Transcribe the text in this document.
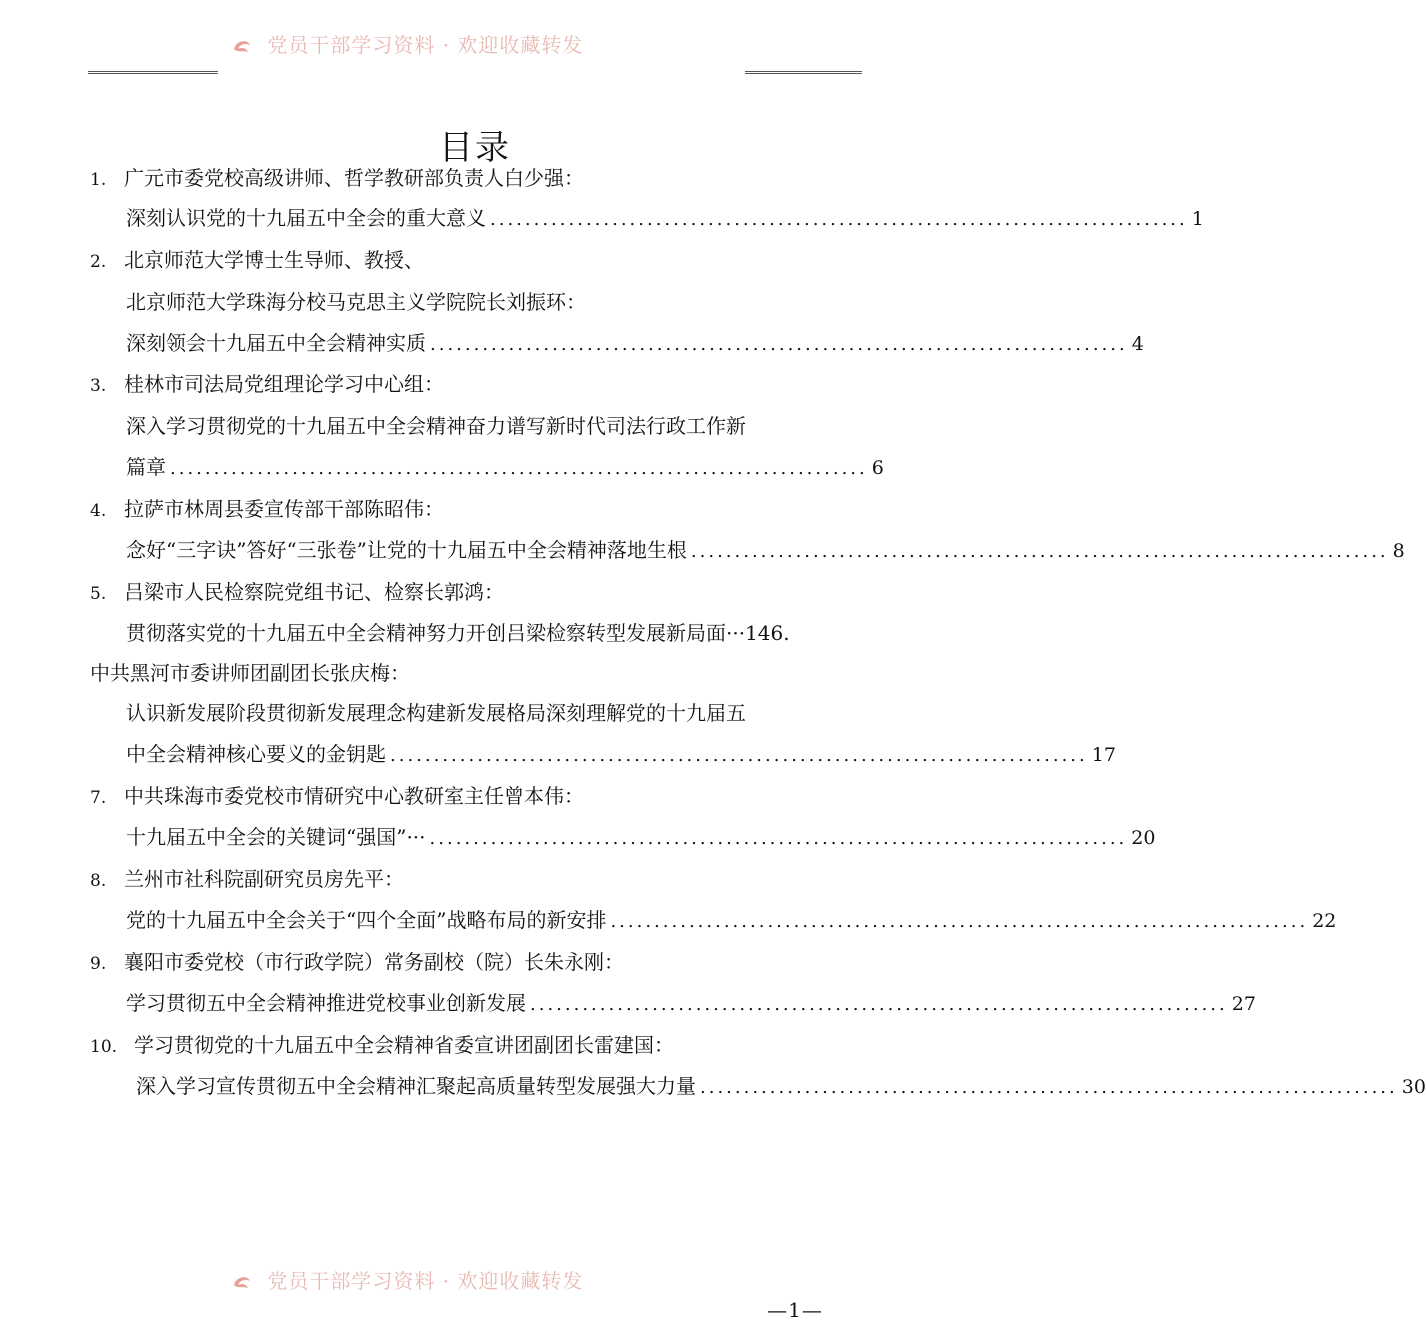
党员干部学习资料 · 欢迎收藏转发
目录
1. 广元市委党校高级讲师、哲学教研部负责人白少强：
深刻认识党的十九届五中全会的重大意义 ................................................................................ 1
2. 北京师范大学博士生导师、教授、
北京师范大学珠海分校马克思主义学院院长刘振环：
深刻领会十九届五中全会精神实质 ................................................................................ 4
3. 桂林市司法局党组理论学习中心组：
深入学习贯彻党的十九届五中全会精神奋力谱写新时代司法行政工作新
篇章 ................................................................................ 6
4. 拉萨市林周县委宣传部干部陈昭伟：
念好“三字诀”答好“三张卷”让党的十九届五中全会精神落地生根 ................................................................................ 8
5. 吕梁市人民检察院党组书记、检察长郭鸿：
贯彻落实党的十九届五中全会精神努力开创吕梁检察转型发展新局面···146.
中共黑河市委讲师团副团长张庆梅：
认识新发展阶段贯彻新发展理念构建新发展格局深刻理解党的十九届五
中全会精神核心要义的金钥匙 ................................................................................ 17
7. 中共珠海市委党校市情研究中心教研室主任曾本伟：
十九届五中全会的关键词“强国”··· ................................................................................ 20
8. 兰州市社科院副研究员房先平：
党的十九届五中全会关于“四个全面”战略布局的新安排 ................................................................................ 22
9. 襄阳市委党校（市行政学院）常务副校（院）长朱永刚：
学习贯彻五中全会精神推进党校事业创新发展 ................................................................................ 27
10. 学习贯彻党的十九届五中全会精神省委宣讲团副团长雷建国：
深入学习宣传贯彻五中全会精神汇聚起高质量转型发展强大力量 ................................................................................ 30
党员干部学习资料 · 欢迎收藏转发
—1—
